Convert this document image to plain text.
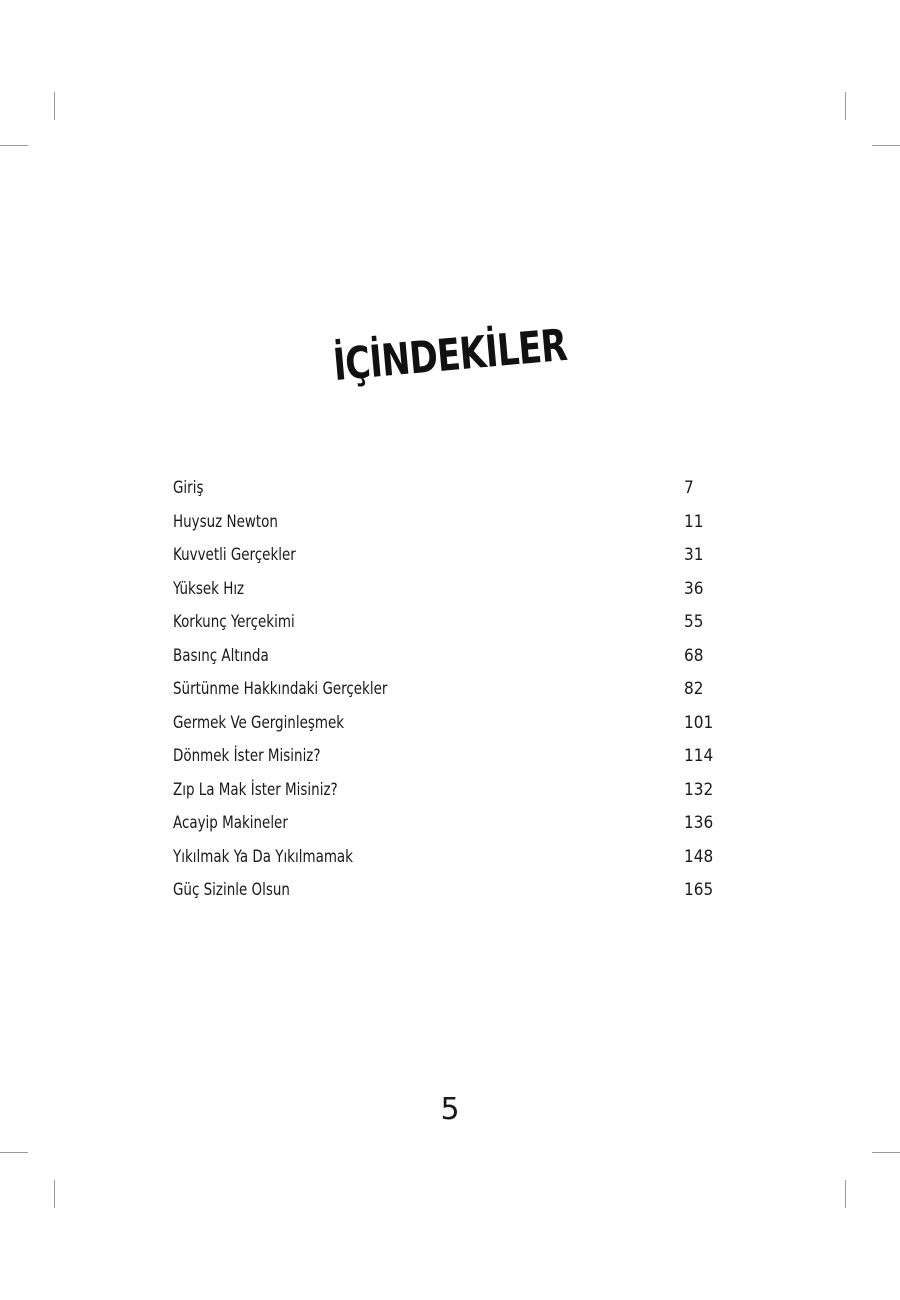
İÇİNDEKİLER
Giriş	7
Huysuz Newton	11
Kuvvetli Gerçekler	31
Yüksek Hız	36
Korkunç Yerçekimi	55
Basınç Altında	68
Sürtünme Hakkındaki Gerçekler	82
Germek Ve Gerginleşmek	101
Dönmek İster Misiniz?	114
Zıp La Mak İster Misiniz?	132
Acayip Makineler	136
Yıkılmak Ya Da Yıkılmamak	148
Güç Sizinle Olsun	165
5
